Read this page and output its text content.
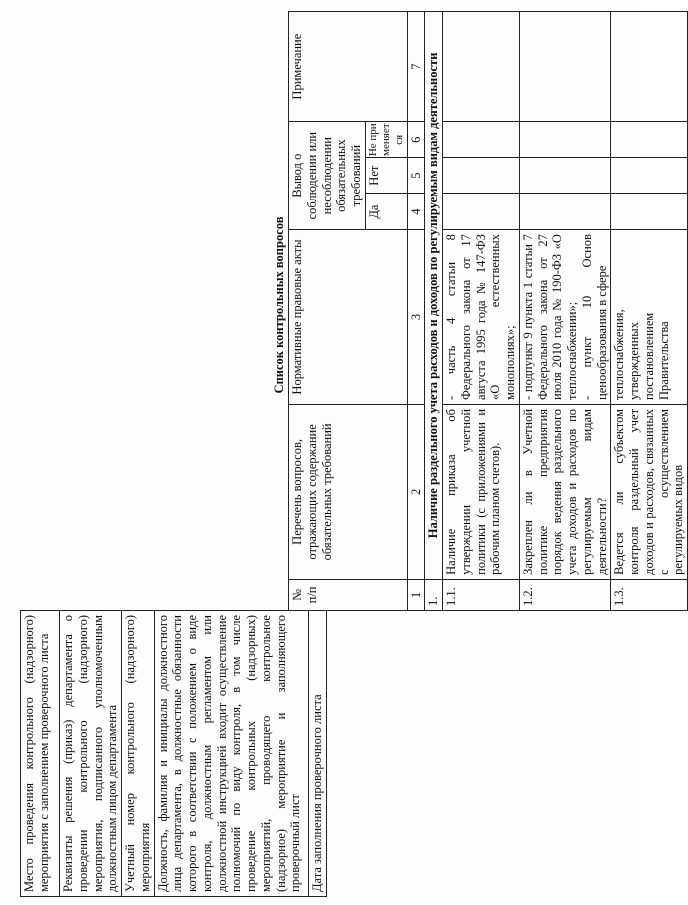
Место проведения контрольного (надзорного) мероприятия с заполнением проверочного листа
Реквизиты решения (приказ) департамента о проведении контрольного (надзорного) мероприятия, подписанного уполномоченным должностным лицом департамента
Учетный номер контрольного (надзорного) мероприятия
Должность, фамилия и инициалы должностного лица департамента, в должностные обязанности которого в соответствии с положением о виде контроля, должностным регламентом или должностной инструкцией входит осуществление полномочий по виду контроля, в том числе проведение контрольных (надзорных) мероприятий, проводящего контрольное (надзорное) мероприятие и заполняющего проверочный лист
Дата заполнения проверочного листа
Список контрольных вопросов
№ п/п	Перечень вопросов, отражающих содержание обязательных требований	Нормативные правовые акты	Вывод о соблюдении или несоблюдении обязательных требований			Примечание
			Да	Нет	Не применяется	
1	2	3	4	5	6	7
1.	Наличие раздельного учета расходов и доходов по регулируемым видам деятельности					
1.1.	Наличие приказа об утверждении учетной политики (с приложениями и рабочим планом счетов).	- часть 4 статьи 8 Федерального закона от 17 августа 1995 года № 147-ФЗ «О естественных монополиях»;				
1.2.	Закреплен ли в Учетной политике предприятия порядок ведения раздельного учета доходов и расходов по регулируемым видам деятельности?	- подпункт 9 пункта 1 статьи 7 Федерального закона от 27 июля 2010 года № 190-ФЗ «О теплоснабжении»; - пункт 10 Основ ценообразования в сфере				

1.3.	Ведется ли субъектом контроля раздельный учет доходов и расходов, связанных с осуществлением регулируемых видов	теплоснабжения, утвержденных постановлением Правительства				
